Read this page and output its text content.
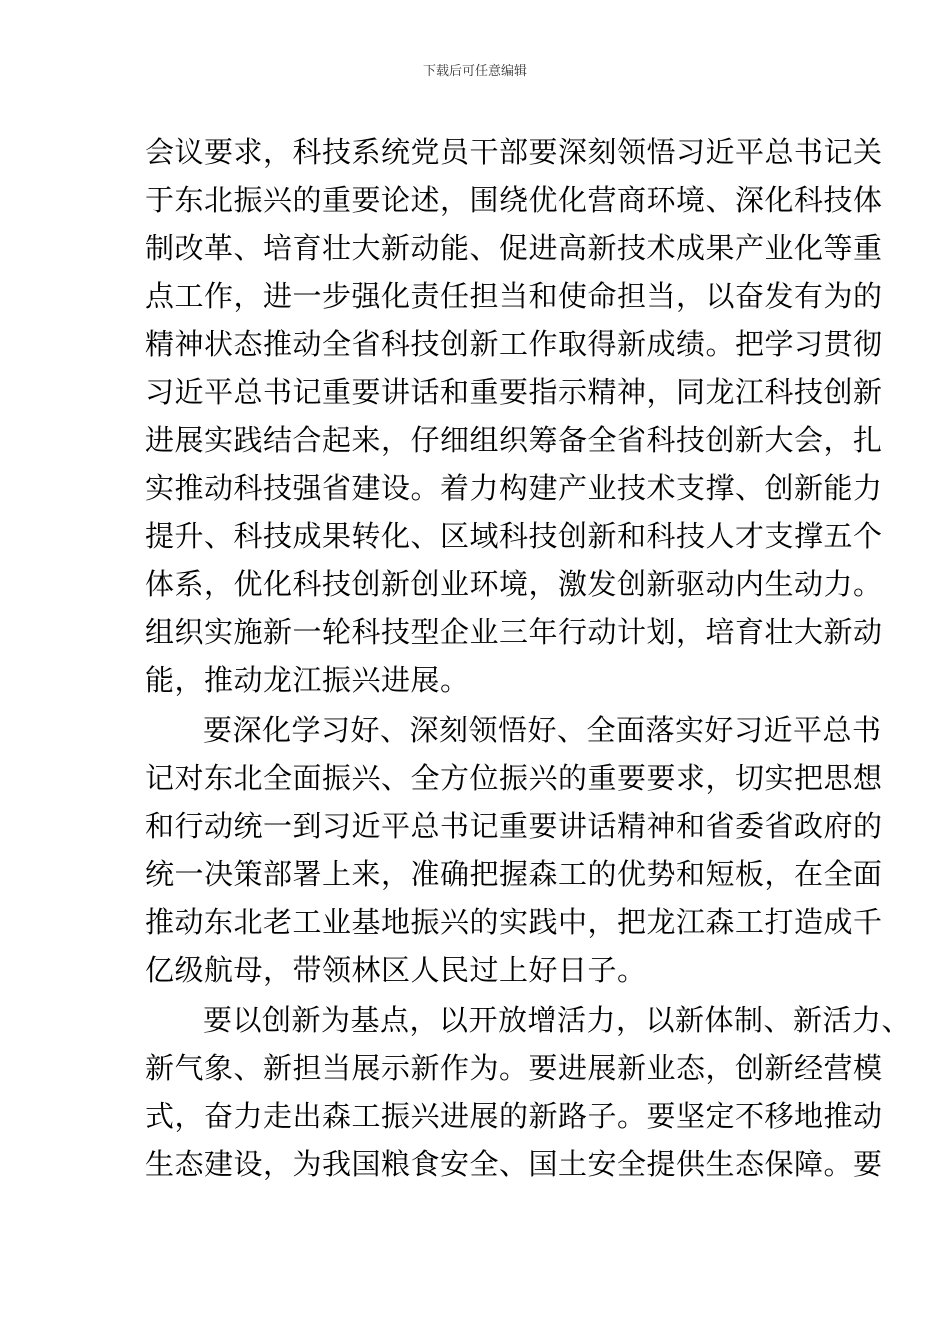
下载后可任意编辑
会议要求，科技系统党员干部要深刻领悟习近平总书记关
于东北振兴的重要论述，围绕优化营商环境、深化科技体
制改革、培育壮大新动能、促进高新技术成果产业化等重
点工作，进一步强化责任担当和使命担当，以奋发有为的
精神状态推动全省科技创新工作取得新成绩。把学习贯彻
习近平总书记重要讲话和重要指示精神，同龙江科技创新
进展实践结合起来，仔细组织筹备全省科技创新大会，扎
实推动科技强省建设。着力构建产业技术支撑、创新能力
提升、科技成果转化、区域科技创新和科技人才支撑五个
体系，优化科技创新创业环境，激发创新驱动内生动力。
组织实施新一轮科技型企业三年行动计划，培育壮大新动
能，推动龙江振兴进展。
要深化学习好、深刻领悟好、全面落实好习近平总书
记对东北全面振兴、全方位振兴的重要要求，切实把思想
和行动统一到习近平总书记重要讲话精神和省委省政府的
统一决策部署上来，准确把握森工的优势和短板，在全面
推动东北老工业基地振兴的实践中，把龙江森工打造成千
亿级航母，带领林区人民过上好日子。
要以创新为基点，以开放增活力，以新体制、新活力、
新气象、新担当展示新作为。要进展新业态，创新经营模
式，奋力走出森工振兴进展的新路子。要坚定不移地推动
生态建设，为我国粮食安全、国土安全提供生态保障。要
